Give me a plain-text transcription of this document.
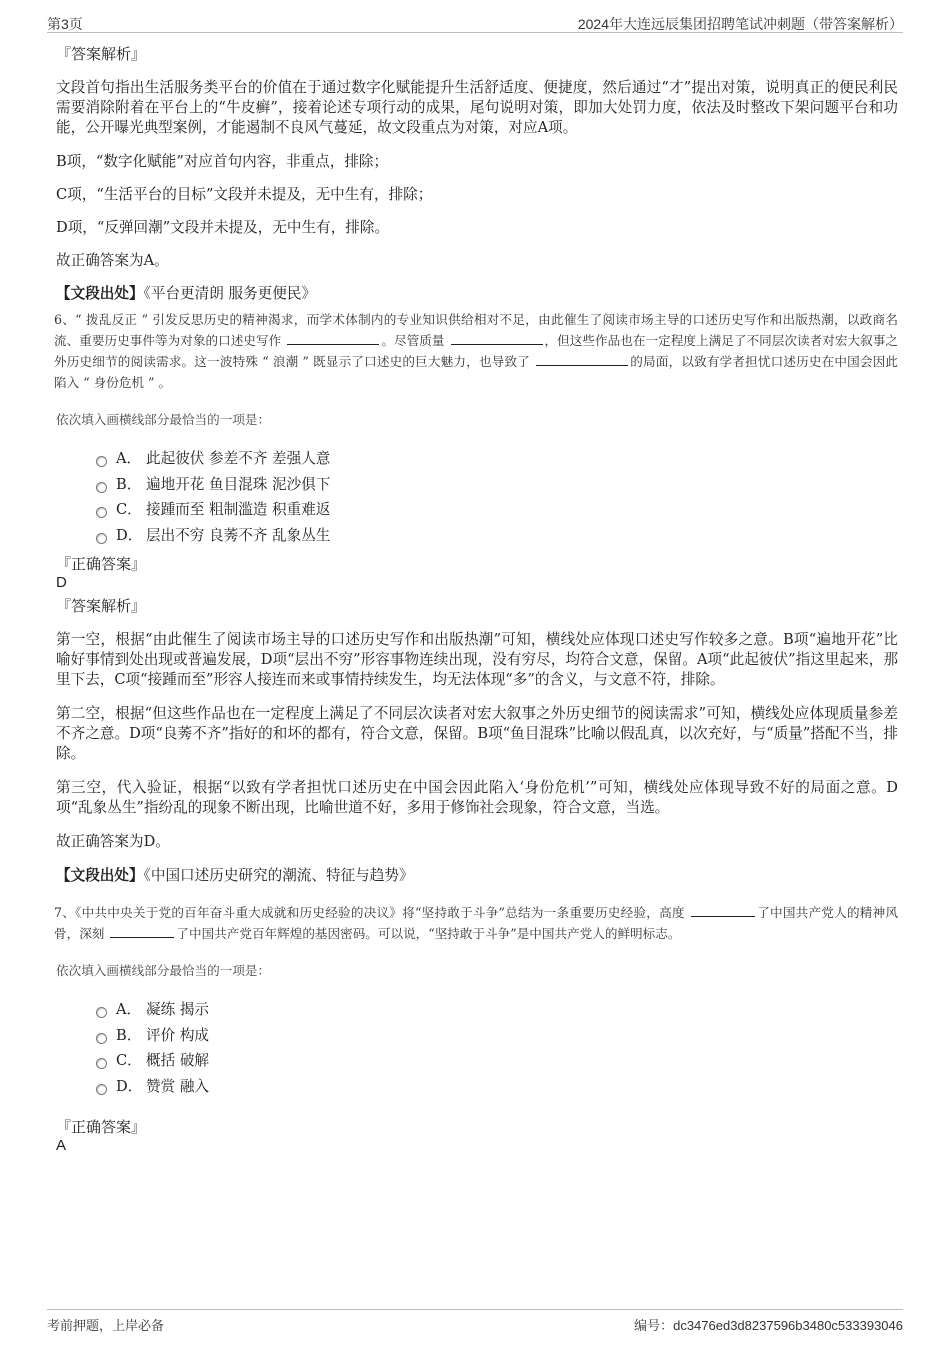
第3页	2024年大连远辰集团招聘笔试冲刺题（带答案解析）

『答案解析』

文段首句指出生活服务类平台的价值在于通过数字化赋能提升生活舒适度、便捷度，然后通过“才”提出对策，说明真正的便民利民需要消除附着在平台上的“牛皮癣”，接着论述专项行动的成果，尾句说明对策，即加大处罚力度，依法及时整改下架问题平台和功能，公开曝光典型案例，才能遏制不良风气蔓延，故文段重点为对策，对应A项。

B项，“数字化赋能”对应首句内容，非重点，排除；

C项，“生活平台的目标”文段并未提及，无中生有，排除；

D项，“反弹回潮”文段并未提及，无中生有，排除。

故正确答案为A。

【文段出处】《平台更清朗 服务更便民》

6、“ 拨乱反正 ” 引发反思历史的精神渴求，而学术体制内的专业知识供给相对不足，由此催生了阅读市场主导的口述历史写作和出版热潮，以政商名流、重要历史事件等为对象的口述史写作	。尽管质量	，但这些作品也在一定程度上满足了不同层次读者对宏大叙事之外历史细节的阅读需求。这一波特殊 “ 浪潮 ” 既显示了口述史的巨大魅力，也导致了	的局面，以致有学者担忧口述历史在中国会因此陷入 “ 身份危机 ” 。

依次填入画横线部分最恰当的一项是：

A． 此起彼伏 参差不齐 差强人意
B． 遍地开花 鱼目混珠 泥沙俱下
C． 接踵而至 粗制滥造 积重难返
D． 层出不穷 良莠不齐 乱象丛生

『正确答案』

D

『答案解析』

第一空，根据“由此催生了阅读市场主导的口述历史写作和出版热潮”可知，横线处应体现口述史写作较多之意。B项“遍地开花”比喻好事情到处出现或普遍发展，D项“层出不穷”形容事物连续出现，没有穷尽，均符合文意，保留。A项“此起彼伏”指这里起来，那里下去，C项“接踵而至”形容人接连而来或事情持续发生，均无法体现“多”的含义，与文意不符，排除。

第二空，根据“但这些作品也在一定程度上满足了不同层次读者对宏大叙事之外历史细节的阅读需求”可知，横线处应体现质量参差不齐之意。D项“良莠不齐”指好的和坏的都有，符合文意，保留。B项“鱼目混珠”比喻以假乱真，以次充好，与“质量”搭配不当，排除。

第三空，代入验证，根据“以致有学者担忧口述历史在中国会因此陷入‘身份危机’”可知，横线处应体现导致不好的局面之意。D项“乱象丛生”指纷乱的现象不断出现，比喻世道不好，多用于修饰社会现象，符合文意，当选。

故正确答案为D。

【文段出处】《中国口述历史研究的潮流、特征与趋势》

7、《中共中央关于党的百年奋斗重大成就和历史经验的决议》将“坚持敢于斗争”总结为一条重要历史经验，高度	了中国共产党人的精神风骨，深刻	了中国共产党百年辉煌的基因密码。可以说，“坚持敢于斗争”是中国共产党人的鲜明标志。

依次填入画横线部分最恰当的一项是：

A． 凝练 揭示
B． 评价 构成
C． 概括 破解
D． 赞赏 融入

『正确答案』

A

考前押题，上岸必备	编号：dc3476ed3d8237596b3480c533393046
